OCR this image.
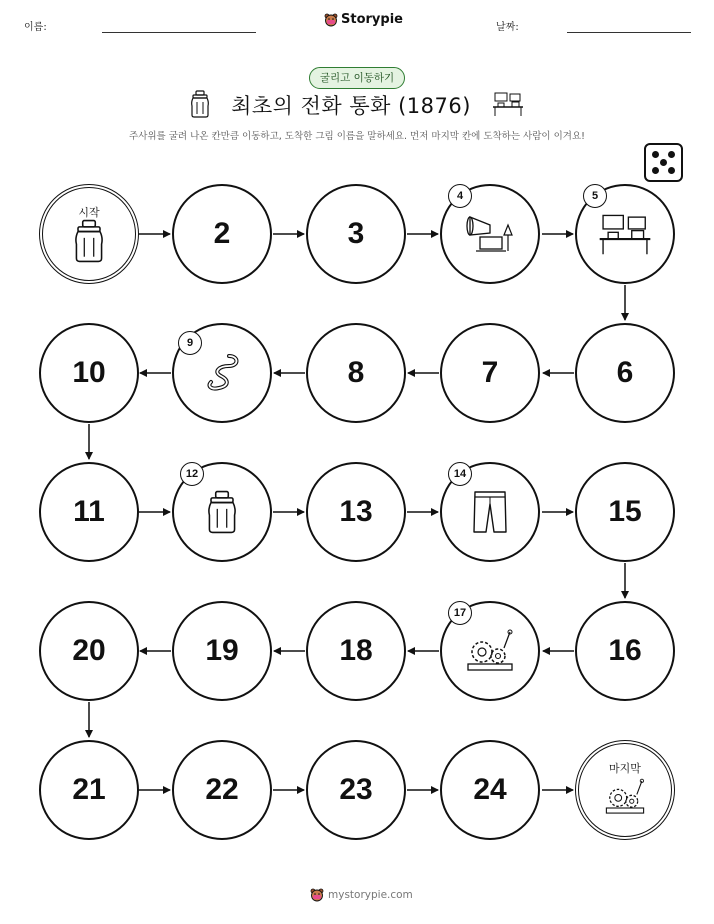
이름:
Storypie
날짜:
굴리고 이동하기
최초의 전화 통화 (1876)
주사위를 굴려 나온 칸만큼 이동하고, 도착한 그림 이름을 말하세요. 먼저 마지막 칸에 도착하는 사람이 이겨요!
시작
2	3
4	5
6
7
8
9
10
11
12
13
14
15
16
17
18
19
20
21	22	23	24
마지막
mystorypie.com
